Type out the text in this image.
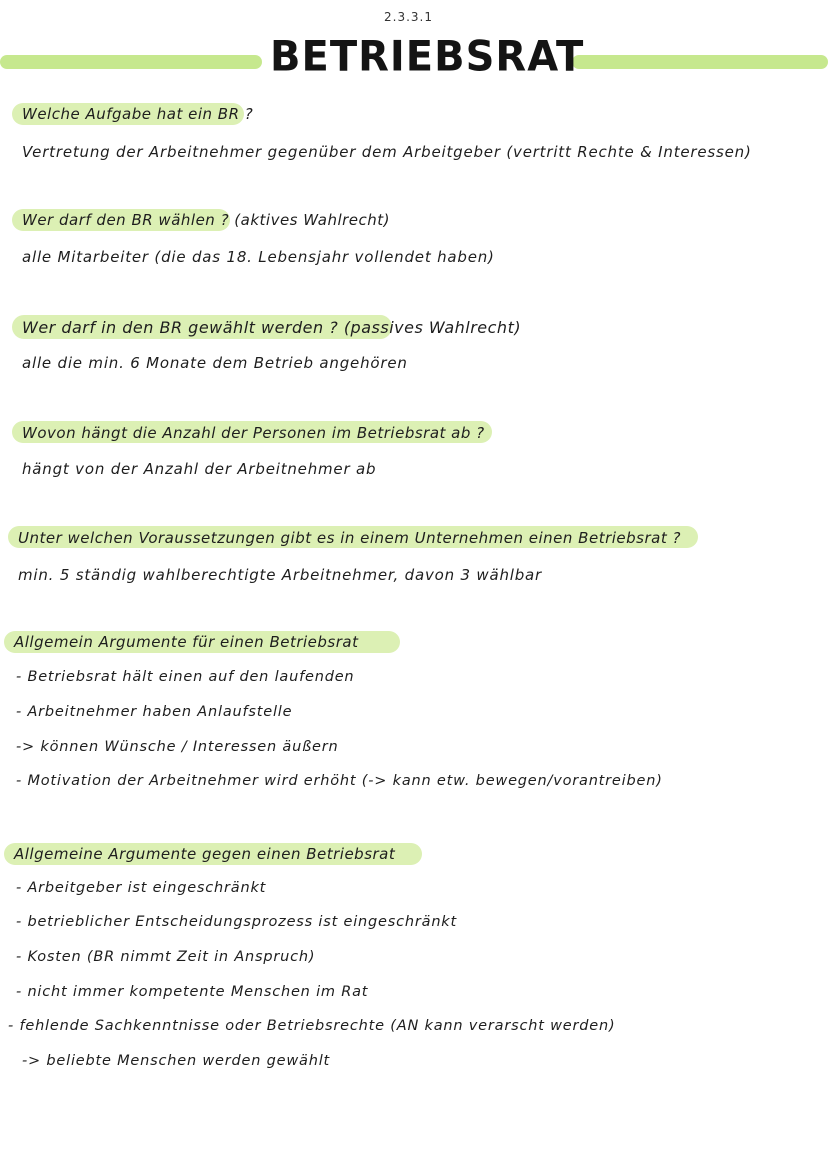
2.3.3.1
BETRIEBSRAT
Welche Aufgabe hat ein BR ?
Vertretung der Arbeitnehmer gegenüber dem Arbeitgeber (vertritt Rechte & Interessen)
Wer darf den BR wählen ? (aktives Wahlrecht)
alle Mitarbeiter (die das 18. Lebensjahr vollendet haben)
Wer darf in den BR gewählt werden ? (passives Wahlrecht)
alle die min. 6 Monate dem Betrieb angehören
Wovon hängt die Anzahl der Personen im Betriebsrat ab ?
hängt von der Anzahl der Arbeitnehmer ab
Unter welchen Voraussetzungen gibt es in einem Unternehmen einen Betriebsrat ?
min. 5 ständig wahlberechtigte Arbeitnehmer, davon 3 wählbar
Allgemein Argumente für einen Betriebsrat
- Betriebsrat hält einen auf den laufenden
- Arbeitnehmer haben Anlaufstelle
-> können Wünsche / Interessen äußern
- Motivation der Arbeitnehmer wird erhöht (-> kann etw. bewegen/vorantreiben)
Allgemeine Argumente gegen einen Betriebsrat
- Arbeitgeber ist eingeschränkt
- betrieblicher Entscheidungsprozess ist eingeschränkt
- Kosten (BR nimmt Zeit in Anspruch)
- nicht immer kompetente Menschen im Rat
- fehlende Sachkenntnisse oder Betriebsrechte (AN kann verarscht werden)
-> beliebte Menschen werden gewählt
